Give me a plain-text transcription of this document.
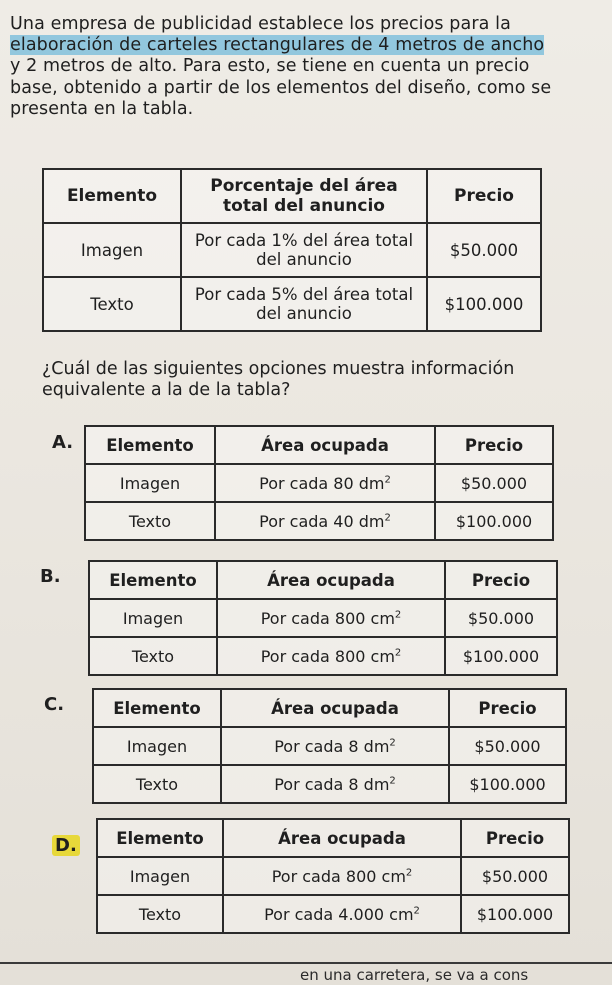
Una empresa de publicidad establece los precios para la

elaboración de carteles rectangulares de 4 metros de ancho

y 2 metros de alto. Para esto, se tiene en cuenta un precio

base, obtenido a partir de los elementos del diseño, como se

presenta en la tabla.

Elemento	Porcentaje del área total del anuncio	Precio
Imagen	Por cada 1% del área total del anuncio	$50.000
Texto	Por cada 5% del área total del anuncio	$100.000
¿Cuál de las siguientes opciones muestra información
equivalente a la de la tabla?
A. Elemento	Área ocupada	Precio
Imagen	Por cada 80 $dm^2$	$50.000
Texto	Por cada 40 $dm^2$	$100.000
B.	Elemento	Área ocupada	Precio
Imagen	Por cada 800 $cm^2$	$50.000
Texto	Por cada 800 $cm^2$	$100.000
C.	Elemento	Área ocupada	Precio
Imagen	Por cada 8 $dm^2$	$50.000
Texto	Por cada 8 $dm^2$	$100.000
D. Elemento	Área ocupada	Precio
Imagen	Por cada 800 $cm^2$	$50.000
Texto	Por cada 4.000 $cm^2$	$100.000
en una carretera, se va a cons
